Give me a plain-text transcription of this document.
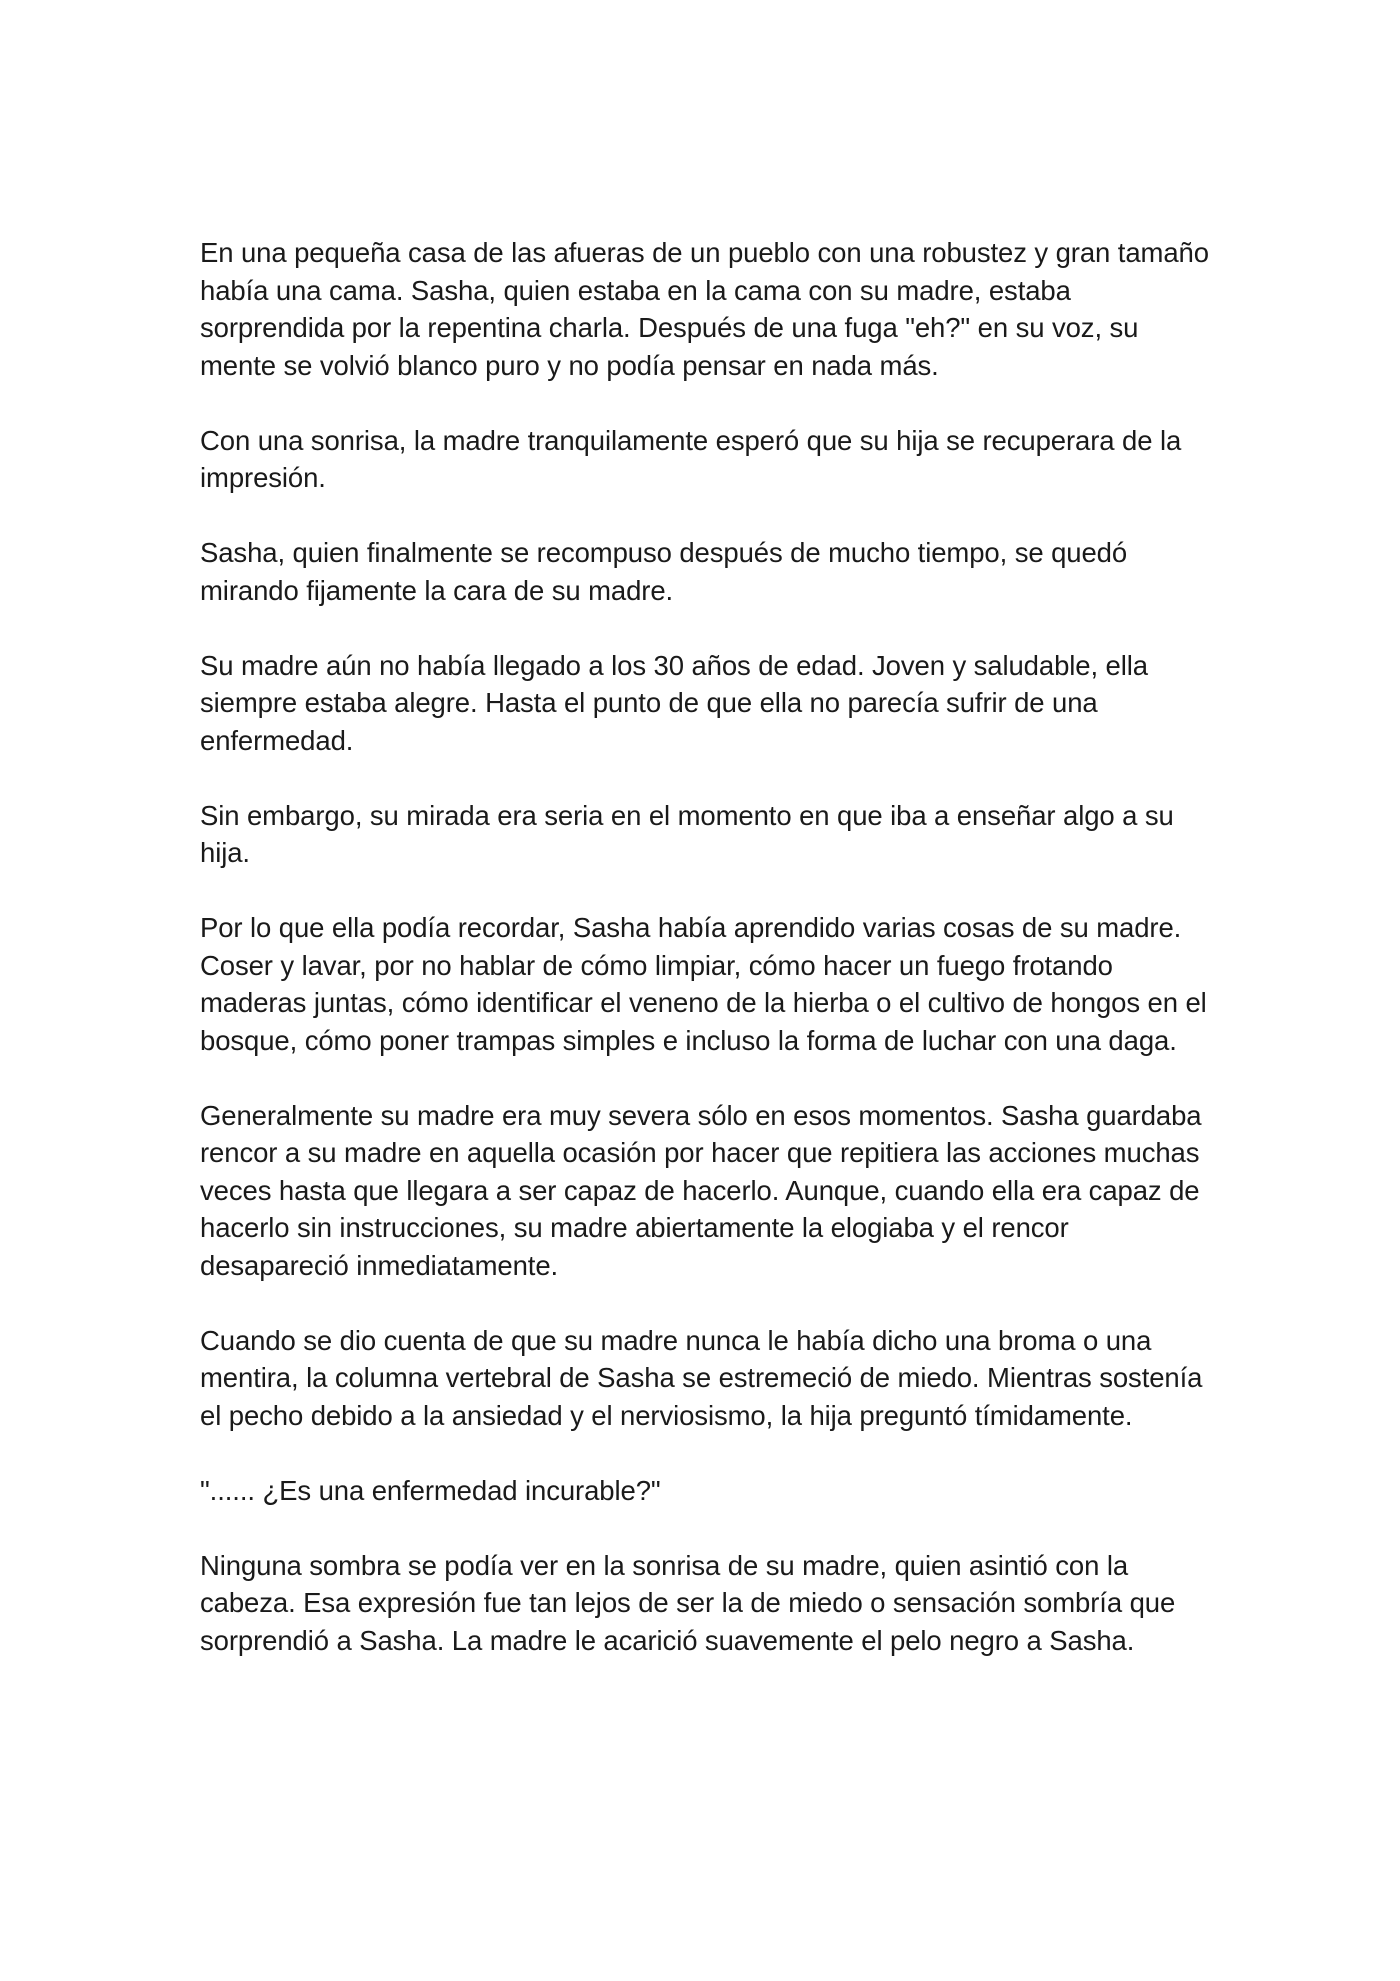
En una pequeña casa de las afueras de un pueblo con una robustez y gran tamaño había una cama. Sasha, quien estaba en la cama con su madre, estaba sorprendida por la repentina charla. Después de una fuga "eh?" en su voz, su mente se volvió blanco puro y no podía pensar en nada más.

Con una sonrisa, la madre tranquilamente esperó que su hija se recuperara de la impresión.

Sasha, quien finalmente se recompuso después de mucho tiempo, se quedó mirando fijamente la cara de su madre.

Su madre aún no había llegado a los 30 años de edad. Joven y saludable, ella siempre estaba alegre. Hasta el punto de que ella no parecía sufrir de una enfermedad.

Sin embargo, su mirada era seria en el momento en que iba a enseñar algo a su hija.

Por lo que ella podía recordar, Sasha había aprendido varias cosas de su madre. Coser y lavar, por no hablar de cómo limpiar, cómo hacer un fuego frotando maderas juntas, cómo identificar el veneno de la hierba o el cultivo de hongos en el bosque, cómo poner trampas simples e incluso la forma de luchar con una daga.

Generalmente su madre era muy severa sólo en esos momentos. Sasha guardaba rencor a su madre en aquella ocasión por hacer que repitiera las acciones muchas veces hasta que llegara a ser capaz de hacerlo. Aunque, cuando ella era capaz de hacerlo sin instrucciones, su madre abiertamente la elogiaba y el rencor desapareció inmediatamente.

Cuando se dio cuenta de que su madre nunca le había dicho una broma o una mentira, la columna vertebral de Sasha se estremeció de miedo. Mientras sostenía el pecho debido a la ansiedad y el nerviosismo, la hija preguntó tímidamente.

"...... ¿Es una enfermedad incurable?"

Ninguna sombra se podía ver en la sonrisa de su madre, quien asintió con la cabeza. Esa expresión fue tan lejos de ser la de miedo o sensación sombría que sorprendió a Sasha. La madre le acarició suavemente el pelo negro a Sasha.
